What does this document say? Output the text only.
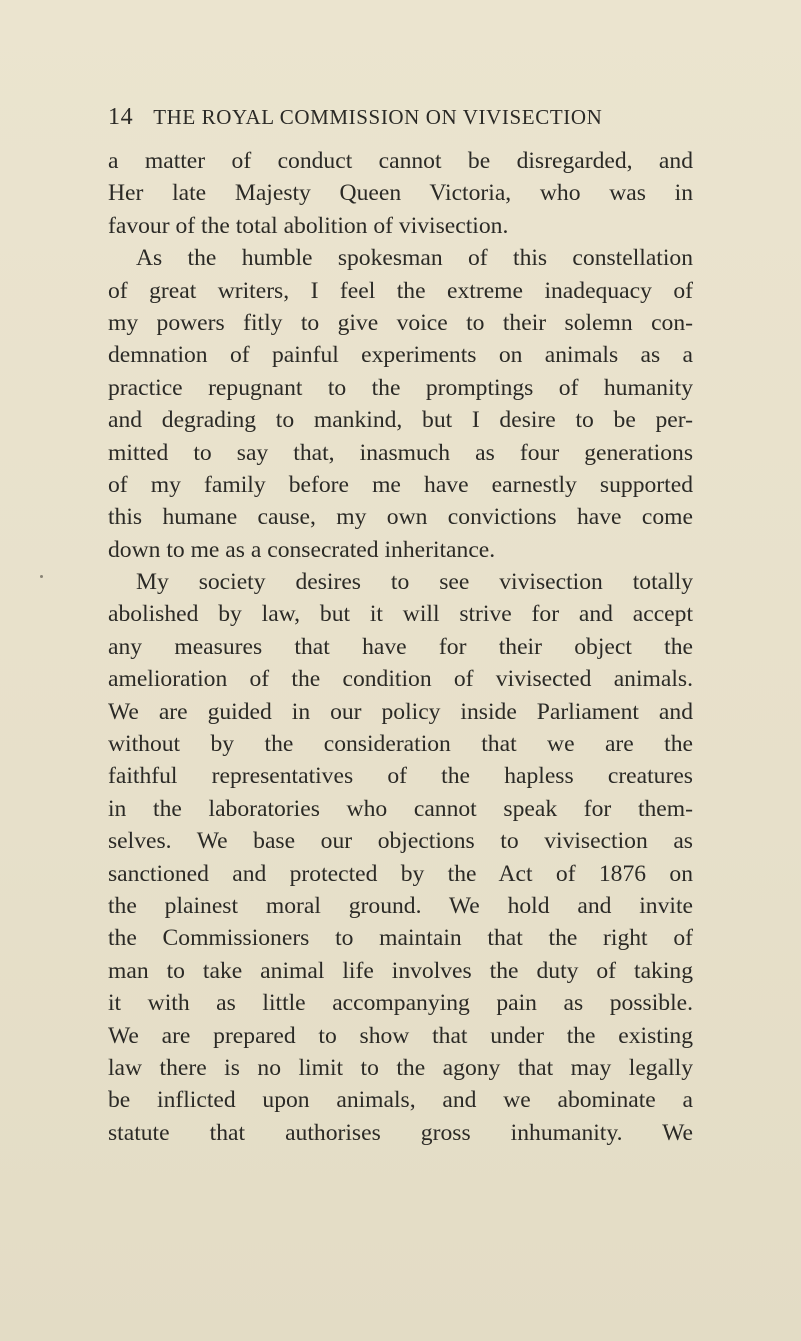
14 THE ROYAL COMMISSION ON VIVISECTION
a matter of conduct cannot be disregarded, and
Her late Majesty Queen Victoria, who was in
favour of the total abolition of vivisection.
As the humble spokesman of this constellation
of great writers, I feel the extreme inadequacy of
my powers fitly to give voice to their solemn con-
demnation of painful experiments on animals as a
practice repugnant to the promptings of humanity
and degrading to mankind, but I desire to be per-
mitted to say that, inasmuch as four generations
of my family before me have earnestly supported
this humane cause, my own convictions have come
down to me as a consecrated inheritance.
My society desires to see vivisection totally
abolished by law, but it will strive for and accept
any measures that have for their object the
amelioration of the condition of vivisected animals.
We are guided in our policy inside Parliament and
without by the consideration that we are the
faithful representatives of the hapless creatures
in the laboratories who cannot speak for them-
selves. We base our objections to vivisection as
sanctioned and protected by the Act of 1876 on
the plainest moral ground. We hold and invite
the Commissioners to maintain that the right of
man to take animal life involves the duty of taking
it with as little accompanying pain as possible.
We are prepared to show that under the existing
law there is no limit to the agony that may legally
be inflicted upon animals, and we abominate a
statute that authorises gross inhumanity. We
